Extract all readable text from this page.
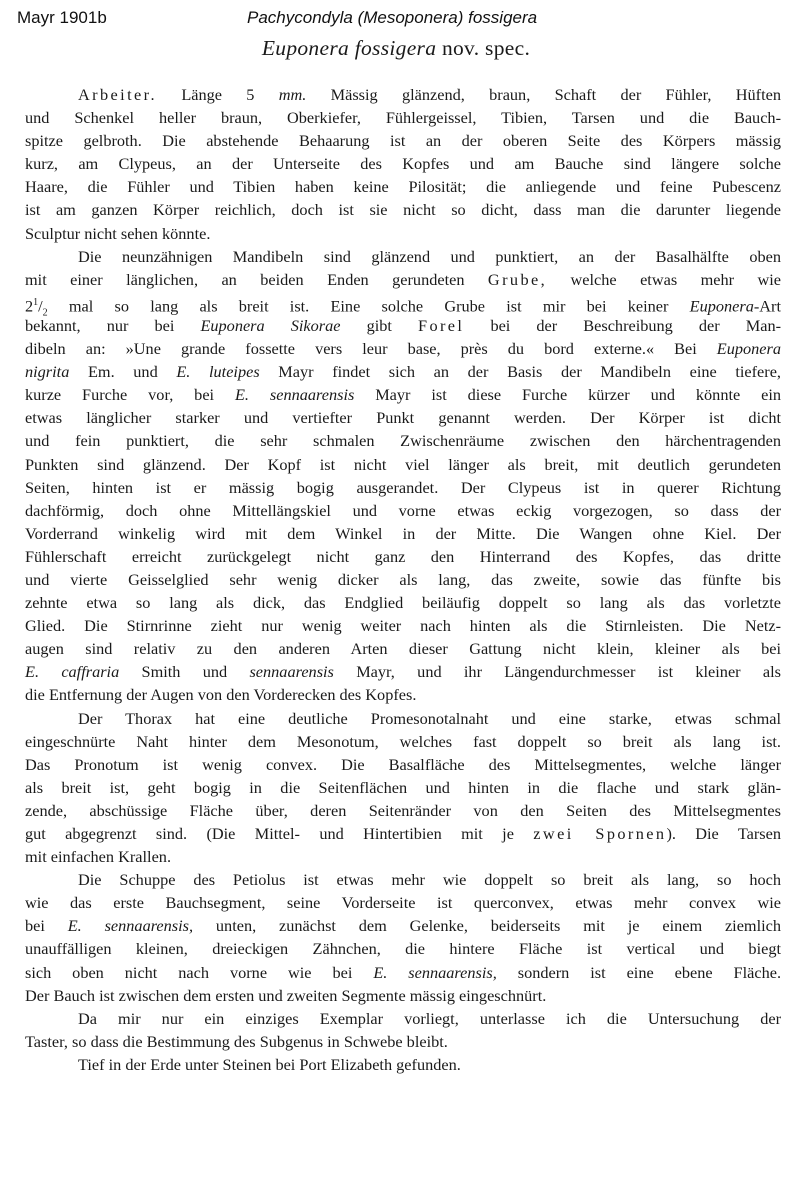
Mayr 1901b	Pachycondyla (Mesoponera) fossigera
Euponera fossigera nov. spec.
Arbeiter. Länge 5 mm. Mässig glänzend, braun, Schaft der Fühler, Hüften
und Schenkel heller braun, Oberkiefer, Fühlergeissel, Tibien, Tarsen und die Bauch-
spitze gelbroth. Die abstehende Behaarung ist an der oberen Seite des Körpers mässig
kurz, am Clypeus, an der Unterseite des Kopfes und am Bauche sind längere solche
Haare, die Fühler und Tibien haben keine Pilosität; die anliegende und feine Pubescenz
ist am ganzen Körper reichlich, doch ist sie nicht so dicht, dass man die darunter liegende
Sculptur nicht sehen könnte.
Die neunzähnigen Mandibeln sind glänzend und punktiert, an der Basalhälfte oben
mit einer länglichen, an beiden Enden gerundeten Grube, welche etwas mehr wie
$2^1/_2$ mal so lang als breit ist. Eine solche Grube ist mir bei keiner Euponera-Art
bekannt, nur bei Euponera Sikorae gibt Forel bei der Beschreibung der Man-
dibeln an: »Une grande fossette vers leur base, près du bord externe.« Bei Euponera
nigrita Em. und E. luteipes Mayr findet sich an der Basis der Mandibeln eine tiefere,
kurze Furche vor, bei E. sennaarensis Mayr ist diese Furche kürzer und könnte ein
etwas länglicher starker und vertiefter Punkt genannt werden. Der Körper ist dicht
und fein punktiert, die sehr schmalen Zwischenräume zwischen den härchentragenden
Punkten sind glänzend. Der Kopf ist nicht viel länger als breit, mit deutlich gerundeten
Seiten, hinten ist er mässig bogig ausgerandet. Der Clypeus ist in querer Richtung
dachförmig, doch ohne Mittellängskiel und vorne etwas eckig vorgezogen, so dass der
Vorderrand winkelig wird mit dem Winkel in der Mitte. Die Wangen ohne Kiel. Der
Fühlerschaft erreicht zurückgelegt nicht ganz den Hinterrand des Kopfes, das dritte
und vierte Geisselglied sehr wenig dicker als lang, das zweite, sowie das fünfte bis
zehnte etwa so lang als dick, das Endglied beiläufig doppelt so lang als das vorletzte
Glied. Die Stirnrinne zieht nur wenig weiter nach hinten als die Stirnleisten. Die Netz-
augen sind relativ zu den anderen Arten dieser Gattung nicht klein, kleiner als bei
E. caffraria Smith und sennaarensis Mayr, und ihr Längendurchmesser ist kleiner als
die Entfernung der Augen von den Vorderecken des Kopfes.
Der Thorax hat eine deutliche Promesonotalnaht und eine starke, etwas schmal
eingeschnürte Naht hinter dem Mesonotum, welches fast doppelt so breit als lang ist.
Das Pronotum ist wenig convex. Die Basalfläche des Mittelsegmentes, welche länger
als breit ist, geht bogig in die Seitenflächen und hinten in die flache und stark glän-
zende, abschüssige Fläche über, deren Seitenränder von den Seiten des Mittelsegmentes
gut abgegrenzt sind. (Die Mittel- und Hintertibien mit je zwei Spornen). Die Tarsen
mit einfachen Krallen.
Die Schuppe des Petiolus ist etwas mehr wie doppelt so breit als lang, so hoch
wie das erste Bauchsegment, seine Vorderseite ist querconvex, etwas mehr convex wie
bei E. sennaarensis, unten, zunächst dem Gelenke, beiderseits mit je einem ziemlich
unauffälligen kleinen, dreieckigen Zähnchen, die hintere Fläche ist vertical und biegt
sich oben nicht nach vorne wie bei E. sennaarensis, sondern ist eine ebene Fläche.
Der Bauch ist zwischen dem ersten und zweiten Segmente mässig eingeschnürt.
Da mir nur ein einziges Exemplar vorliegt, unterlasse ich die Untersuchung der
Taster, so dass die Bestimmung des Subgenus in Schwebe bleibt.
Tief in der Erde unter Steinen bei Port Elizabeth gefunden.
